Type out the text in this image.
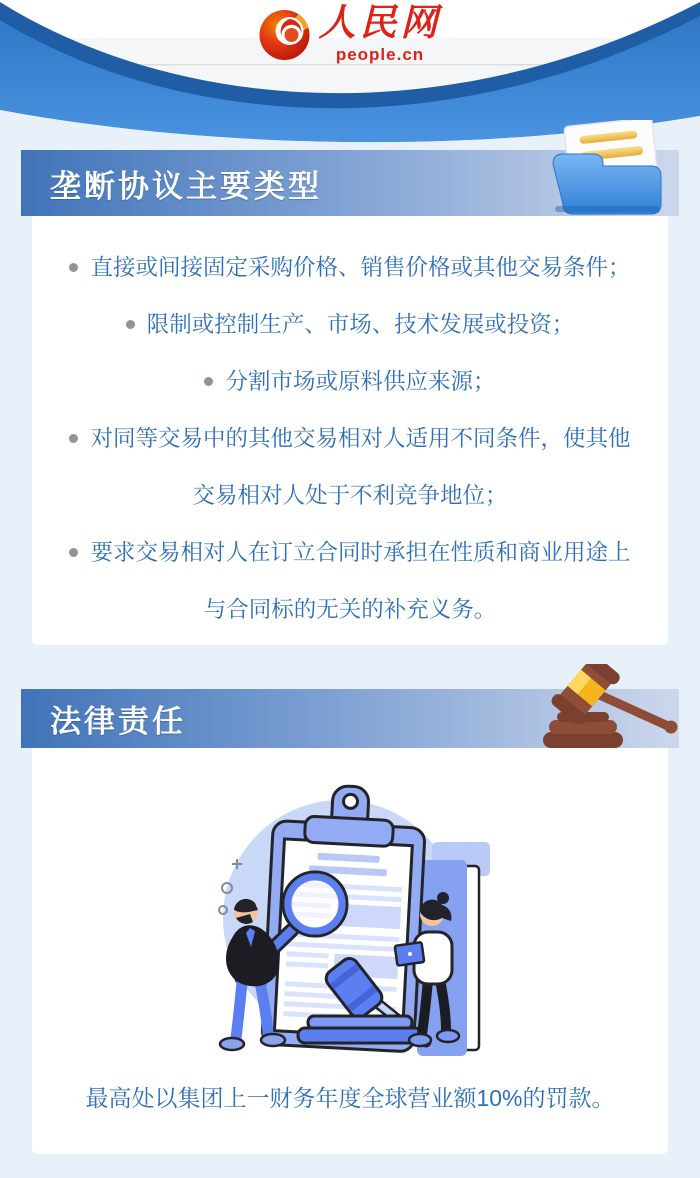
人民网
people.cn
垄断协议主要类型
直接或间接固定采购价格、销售价格或其他交易条件；
限制或控制生产、市场、技术发展或投资；
分割市场或原料供应来源；
对同等交易中的其他交易相对人适用不同条件，使其他交易相对人处于不利竞争地位；
要求交易相对人在订立合同时承担在性质和商业用途上与合同标的无关的补充义务。
法律责任

最高处以集团上一财务年度全球营业额10%的罚款。
